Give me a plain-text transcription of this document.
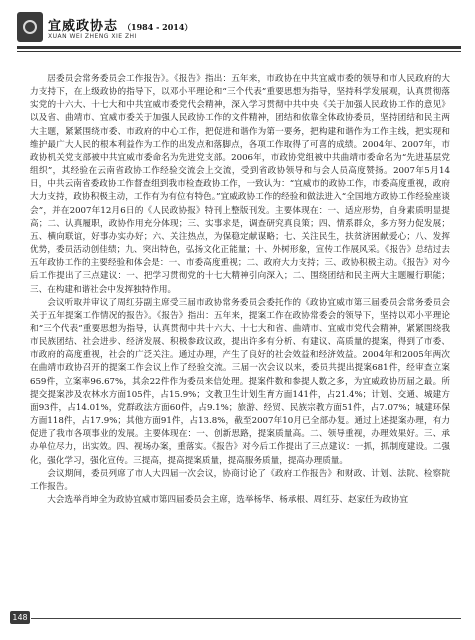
宜威政协志 （1984 - 2014）
XUAN WEI ZHENG XIE ZHI

居委员会常务委员会工作报告》。《报告》指出：五年来，市政协在中共宜威市委的领导和市人民政府的大力支持下，在上级政协的指导下，以邓小平理论和“三个代表”重要思想为指导，坚持科学发展观，认真贯彻落实党的十六大、十七大和中共宜威市委党代会精神，深入学习贯彻中共中央《关于加强人民政协工作的意见》以及省、曲靖市、宜威市委关于加强人民政协工作的文件精神，团结和依靠全体政协委员，坚持团结和民主两大主题，紧紧围绕市委、市政府的中心工作，把促进和谐作为第一要务，把构建和谐作为工作主线，把实现和维护最广大人民的根本利益作为工作的出发点和落脚点，各项工作取得了可喜的成绩。2004年、2007年，市政协机关党支部被中共宜威市委命名为先进党支部。2006年，市政协党组被中共曲靖市委命名为“先进基层党组织”，其经验在云南省政协工作经验交流会上交流，受到省政协领导和与会人员高度赞扬。2007年5月14日，中共云南省委政协工作督查组到我市检查政协工作，一致认为：“宜威市的政协工作，市委高度重视，政府大力支持，政协积极主动，工作有为有位有特色。”宜威政协工作的经验和做法进入“全国地方政协工作经验座谈会”，并在2007年12月6日的《人民政协报》特刊上整版刊发。主要体现在：一、适应形势，自身素质明显提高；二、认真履职，政协作用充分体现；三、实事求是，调查研究真良策；四、情系群众，多方努力促发展；五、横向联谊，好事办实办好；六、关注热点，为保稳定献谋略；七、关注民生，扶贫济困献爱心；八、发挥优势，委员活动创佳绩；九、突出特色，弘扬文化正能量；十、外树形象，宣传工作展风采。《报告》总结过去五年政协工作的主要经验和体会是：一、市委高度重视；二、政府大力支持；三、政协积极主动。《报告》对今后工作提出了三点建议：一、把学习贯彻党的十七大精神引向深入；二、围绕团结和民主两大主题履行职能；三、在构建和谐社会中发挥独特作用。

会议听取并审议了周红芬副主席受三届市政协常务委员会委托作的《政协宜威市第三届委员会常务委员会关于五年提案工作情况的报告》。《报告》指出：五年来，提案工作在政协常委会的领导下，坚持以邓小平理论和“三个代表”重要思想为指导，认真贯彻中共十六大、十七大和省、曲靖市、宜威市党代会精神，紧紧围绕我市民族团结、社会进步、经济发展、积极参政议政，提出许多有分析、有建议、高质量的提案，得到了市委、市政府的高度重视，社会的广泛关注。通过办理，产生了良好的社会效益和经济效益。2004年和2005年两次在曲靖市政协召开的提案工作会议上作了经验交流。三届一次会议以来，委员共提出提案681件，经审查立案659件，立案率96.67%，其余22件作为委员来信处理。提案件数和参提人数之多，为宜威政协历届之最。所提交提案涉及农林水方面105件，占15.9%；文教卫生计划生育方面141件，占21.4%；计划、交通、城建方面93件，占14.01%，党群政法方面60件，占9.1%；旅游、经贸、民族宗教方面51件，占7.07%；城建环保方面118件，占17.9%；其他方面91件，占13.8%，截至2007年10月已全部办复。通过上述提案办理，有力促进了我市各项事业的发展。主要体现在：一、创新思路，提案质量高。二、领导重视，办理效果好。三、承办单位尽力，出实效。四、视场办案，重落实。《报告》对今后工作提出了三点建议：一抓，抓制度建设。二强化，强化学习，强化宣传。三提高，提高提案质量，提高服务质量，提高办理质量。

会议期间，委员列席了市人大四届一次会议，协商讨论了《政府工作报告》和财政、计划、法院、检察院工作报告。

大会选举肖坤全为政协宜威市第四届委员会主席，选举杨华、杨承根、周红芬、赵家任为政协宜

148
